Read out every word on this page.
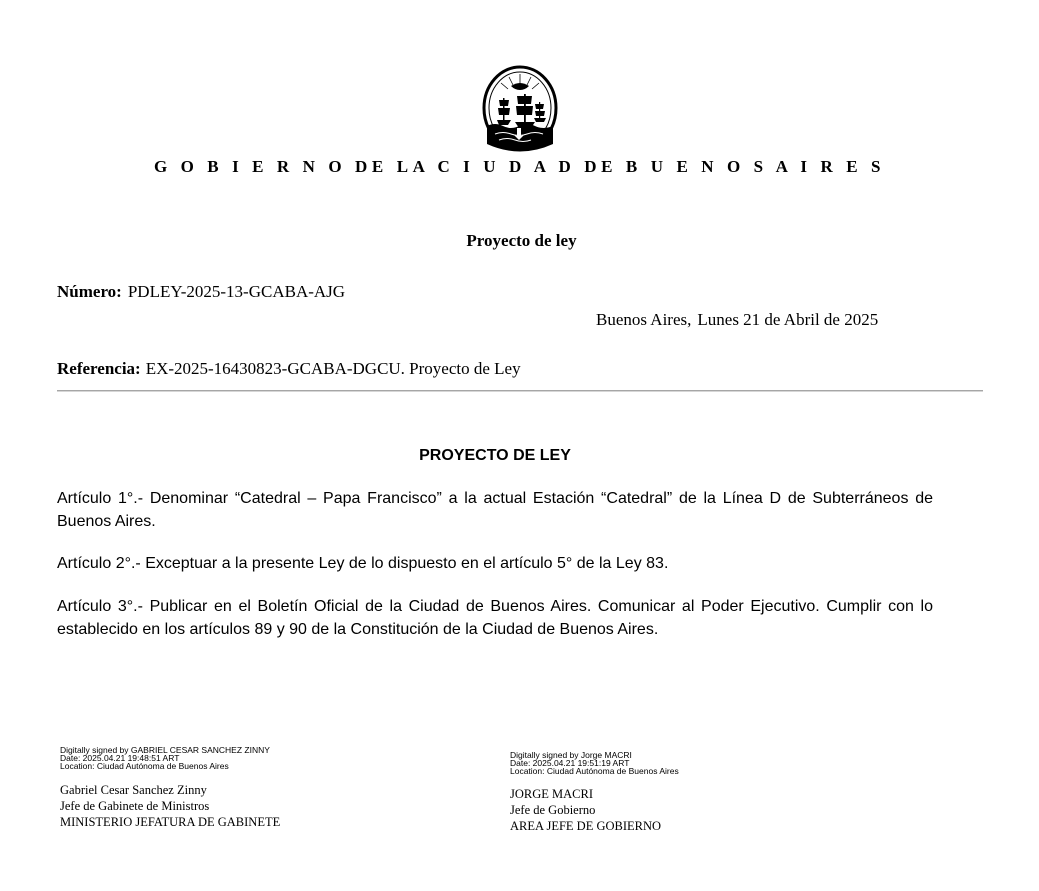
G O B I E R N O DE LA C I U D A D DE B U E N O S A I R E S
Proyecto de ley
Número: PDLEY-2025-13-GCABA-AJG
Buenos Aires, Lunes 21 de Abril de 2025
Referencia: EX-2025-16430823-GCABA-DGCU. Proyecto de Ley
PROYECTO DE LEY

Artículo 1°.- Denominar “Catedral – Papa Francisco” a la actual Estación “Catedral” de la Línea D de Subterráneos de Buenos Aires.

Artículo 2°.- Exceptuar a la presente Ley de lo dispuesto en el artículo 5° de la Ley 83.

Artículo 3°.- Publicar en el Boletín Oficial de la Ciudad de Buenos Aires. Comunicar al Poder Ejecutivo. Cumplir con lo establecido en los artículos 89 y 90 de la Constitución de la Ciudad de Buenos Aires.

Digitally signed by GABRIEL CESAR SANCHEZ ZINNY
Date: 2025.04.21 19:48:51 ART
Location: Ciudad Autónoma de Buenos Aires
Gabriel Cesar Sanchez Zinny
Jefe de Gabinete de Ministros
MINISTERIO JEFATURA DE GABINETE
Digitally signed by Jorge MACRI
Date: 2025.04.21 19:51:19 ART
Location: Ciudad Autónoma de Buenos Aires
JORGE MACRI
Jefe de Gobierno
AREA JEFE DE GOBIERNO
